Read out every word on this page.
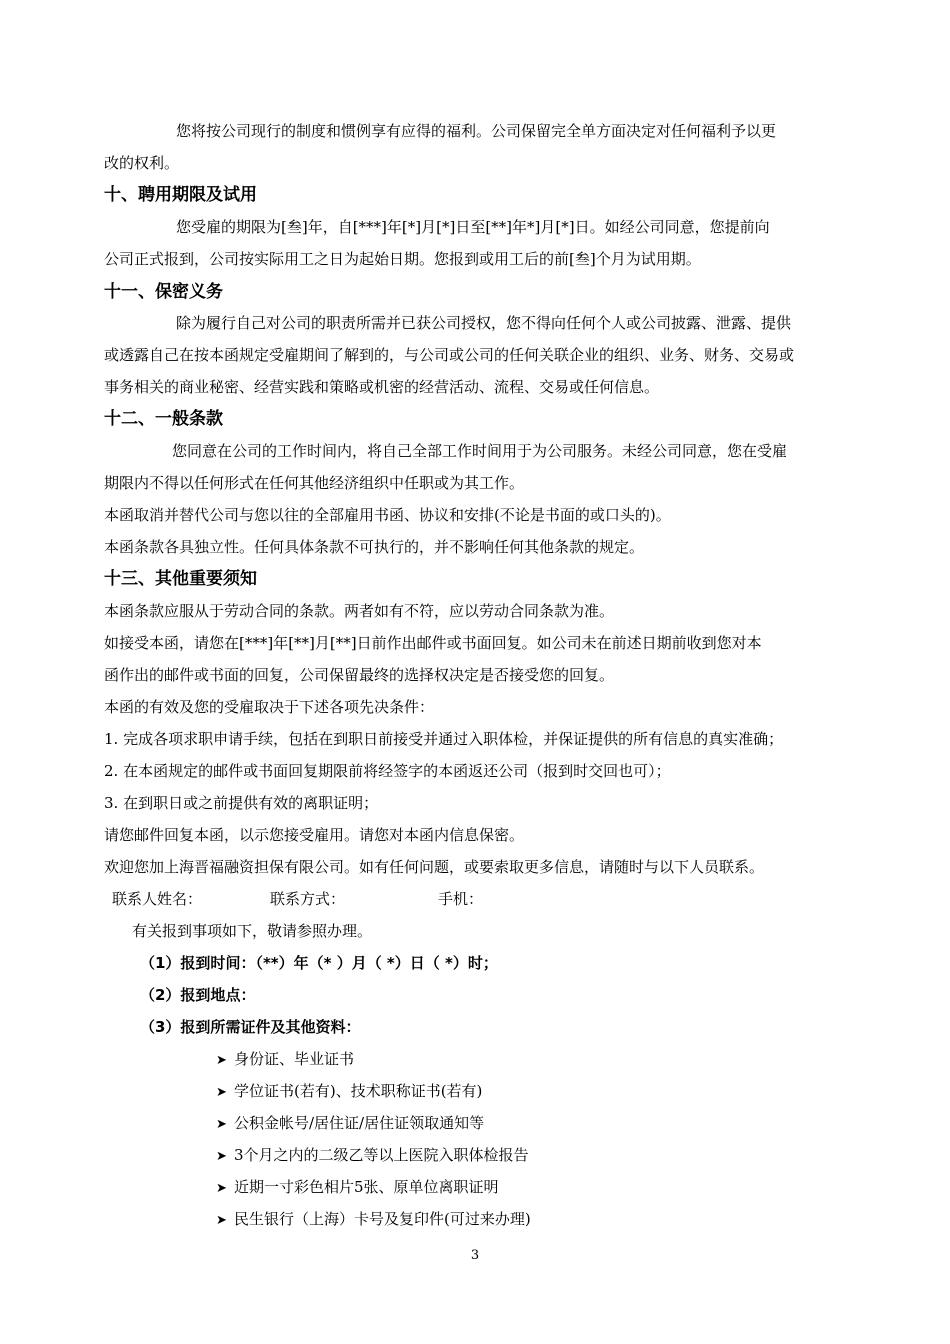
您将按公司现行的制度和惯例享有应得的福利。公司保留完全单方面决定对任何福利予以更
改的权利。
十、聘用期限及试用
您受雇的期限为[叁]年，自[***]年[*]月[*]日至[**]年*]月[*]日。如经公司同意，您提前向
公司正式报到，公司按实际用工之日为起始日期。您报到或用工后的前[叁]个月为试用期。
十一、保密义务
除为履行自己对公司的职责所需并已获公司授权，您不得向任何个人或公司披露、泄露、提供
或透露自己在按本函规定受雇期间了解到的，与公司或公司的任何关联企业的组织、业务、财务、交易或
事务相关的商业秘密、经营实践和策略或机密的经营活动、流程、交易或任何信息。
十二、一般条款
您同意在公司的工作时间内，将自己全部工作时间用于为公司服务。未经公司同意，您在受雇
期限内不得以任何形式在任何其他经济组织中任职或为其工作。
本函取消并替代公司与您以往的全部雇用书函、协议和安排(不论是书面的或口头的)。
本函条款各具独立性。任何具体条款不可执行的，并不影响任何其他条款的规定。
十三、其他重要须知
本函条款应服从于劳动合同的条款。两者如有不符，应以劳动合同条款为准。
如接受本函，请您在[***]年[**]月[**]日前作出邮件或书面回复。如公司未在前述日期前收到您对本
函作出的邮件或书面的回复，公司保留最终的选择权决定是否接受您的回复。
本函的有效及您的受雇取决于下述各项先决条件：
1. 完成各项求职申请手续，包括在到职日前接受并通过入职体检，并保证提供的所有信息的真实准确；
2. 在本函规定的邮件或书面回复期限前将经签字的本函返还公司（报到时交回也可）；
3. 在到职日或之前提供有效的离职证明；
请您邮件回复本函，以示您接受雇用。请您对本函内信息保密。
欢迎您加上海晋福融资担保有限公司。如有任何问题，或要索取更多信息，请随时与以下人员联系。
联系人姓名：	联系方式：	手机：
有关报到事项如下，敬请参照办理。
（1）报到时间：（**）年（* ）月（ *）日（ *）时；
（2）报到地点：
（3）报到所需证件及其他资料：
➤ 身份证、毕业证书
➤ 学位证书(若有)、技术职称证书(若有)
➤ 公积金帐号/居住证/居住证领取通知等
➤ 3个月之内的二级乙等以上医院入职体检报告
➤ 近期一寸彩色相片5张、原单位离职证明
➤ 民生银行（上海）卡号及复印件(可过来办理)
3
